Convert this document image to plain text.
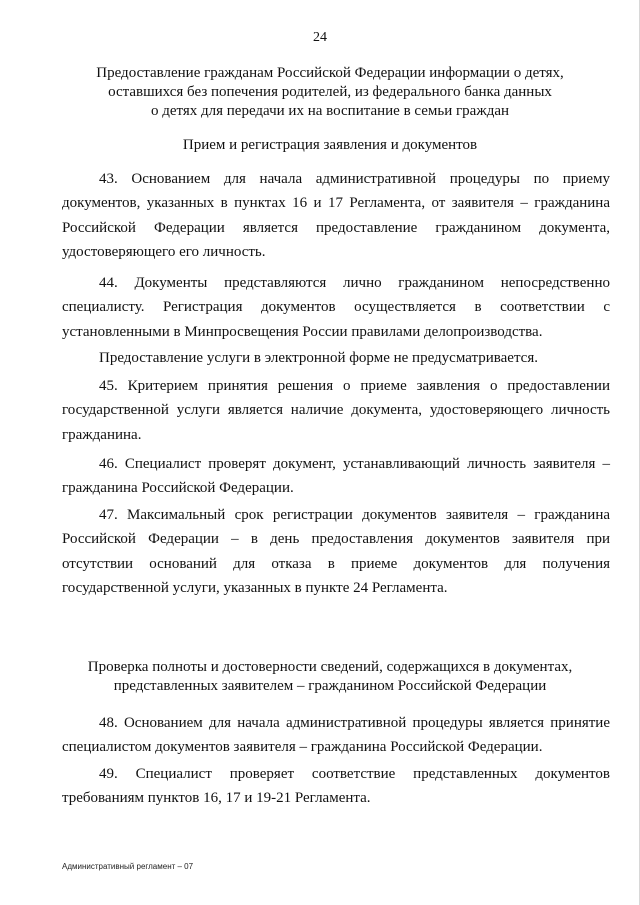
24
Предоставление гражданам Российской Федерации информации о детях,
оставшихся без попечения родителей, из федерального банка данных
о детях для передачи их на воспитание в семьи граждан
Прием и регистрация заявления и документов

43. Основанием для начала административной процедуры по приему документов, указанных в пунктах 16 и 17 Регламента, от заявителя – гражданина Российской Федерации является предоставление гражданином документа, удостоверяющего его личность.

44. Документы представляются лично гражданином непосредственно специалисту. Регистрация документов осуществляется в соответствии с установленными в Минпросвещения России правилами делопроизводства.

Предоставление услуги в электронной форме не предусматривается.

45. Критерием принятия решения о приеме заявления о предоставлении государственной услуги является наличие документа, удостоверяющего личность гражданина.

46. Специалист проверят документ, устанавливающий личность заявителя – гражданина Российской Федерации.

47. Максимальный срок регистрации документов заявителя – гражданина Российской Федерации – в день предоставления документов заявителя при отсутствии оснований для отказа в приеме документов для получения государственной услуги, указанных в пункте 24 Регламента.

Проверка полноты и достоверности сведений, содержащихся в документах,
представленных заявителем – гражданином Российской Федерации

48. Основанием для начала административной процедуры является принятие специалистом документов заявителя – гражданина Российской Федерации.

49. Специалист проверяет соответствие представленных документов требованиям пунктов 16, 17 и 19-21 Регламента.

Административный регламент – 07
